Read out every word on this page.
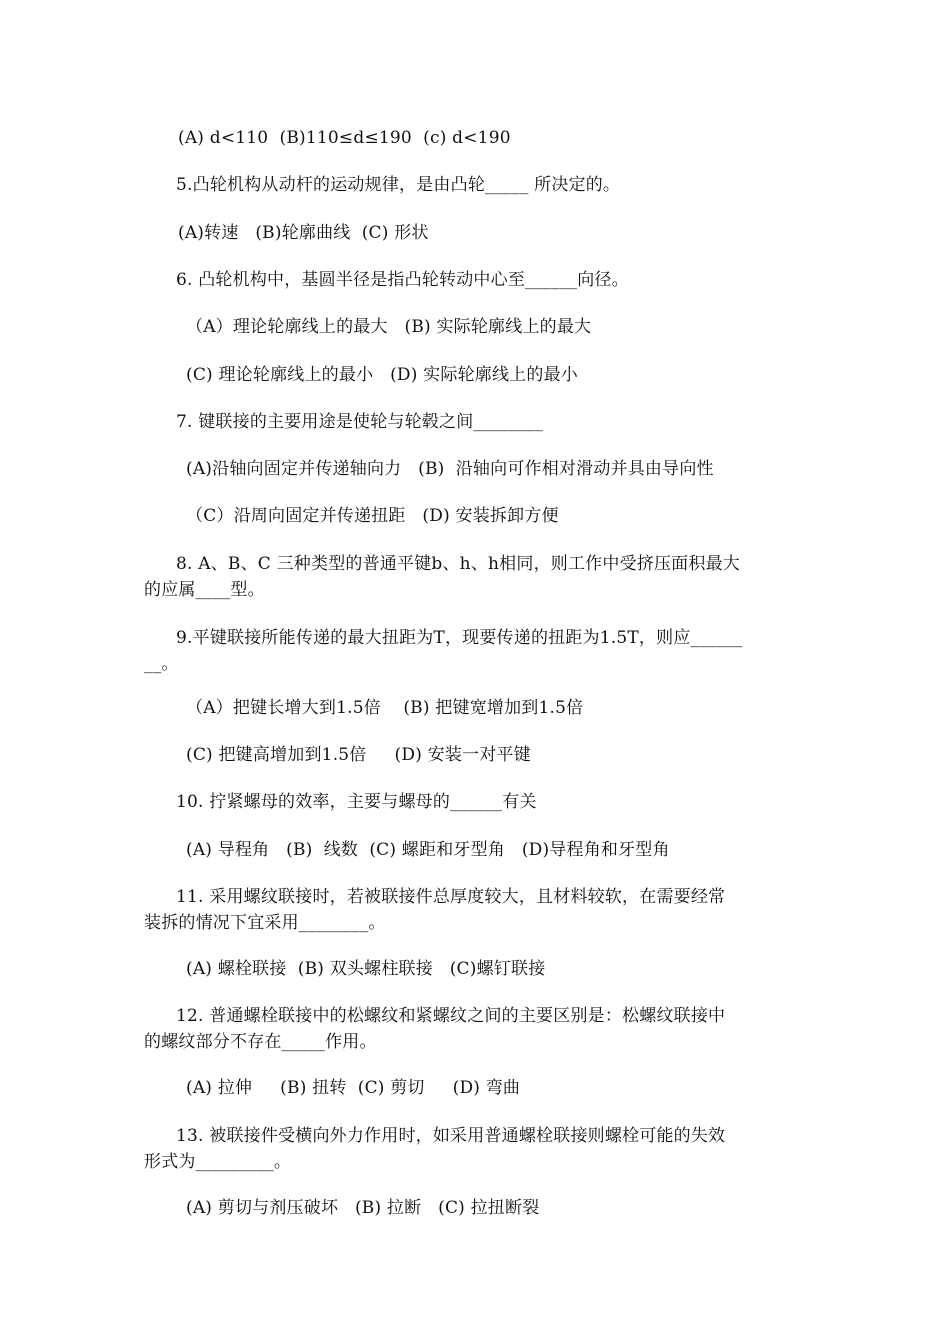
(A) d<110  (B)110≤d≤190  (c) d<190
5.凸轮机构从动杆的运动规律，是由凸轮_____ 所决定的。
(A)转速   (B)轮廓曲线  (C) 形状
6. 凸轮机构中，基圆半径是指凸轮转动中心至______向径。
（A）理论轮廓线上的最大   (B) 实际轮廓线上的最大
(C) 理论轮廓线上的最小   (D) 实际轮廓线上的最小
7. 键联接的主要用途是使轮与轮毂之间________
(A)沿轴向固定并传递轴向力   (B)  沿轴向可作相对滑动并具由导向性
（C）沿周向固定并传递扭距   (D) 安装拆卸方便
8. A、B、C 三种类型的普通平键b、h、h相同，则工作中受挤压面积最大
的应属____型。
9.平键联接所能传递的最大扭距为T，现要传递的扭距为1.5T，则应______
__。
（A）把键长增大到1.5倍    (B) 把键宽增加到1.5倍
(C) 把键高增加到1.5倍     (D) 安装一对平键
10. 拧紧螺母的效率，主要与螺母的______有关
(A) 导程角   (B)  线数  (C) 螺距和牙型角   (D)导程角和牙型角
11. 采用螺纹联接时，若被联接件总厚度较大，且材料较软，在需要经常
装拆的情况下宜采用________。
(A) 螺栓联接  (B) 双头螺柱联接   (C)螺钉联接
12. 普通螺栓联接中的松螺纹和紧螺纹之间的主要区别是：松螺纹联接中
的螺纹部分不存在_____作用。
(A) 拉伸     (B) 扭转  (C) 剪切     (D) 弯曲
13. 被联接件受横向外力作用时，如采用普通螺栓联接则螺栓可能的失效
形式为_________。
(A) 剪切与剂压破坏   (B) 拉断   (C) 拉扭断裂
